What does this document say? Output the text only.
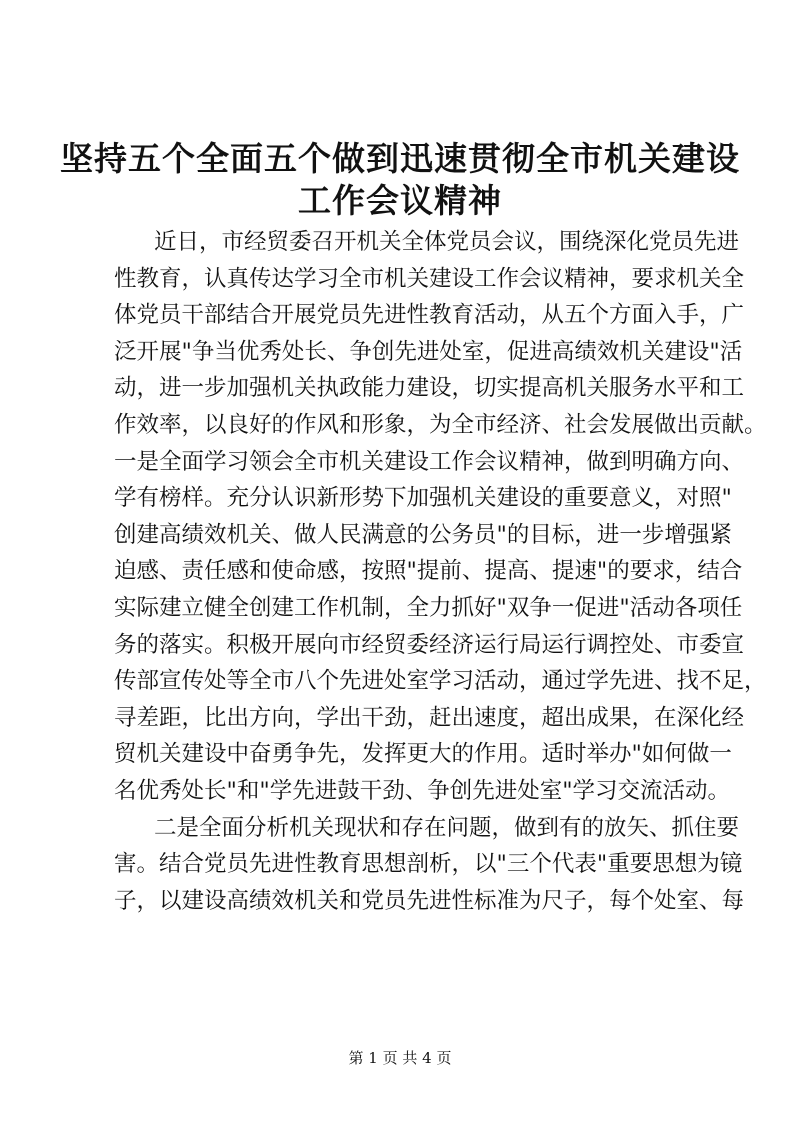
坚持五个全面五个做到迅速贯彻全市机关建设
工作会议精神
近日，市经贸委召开机关全体党员会议，围绕深化党员先进
性教育，认真传达学习全市机关建设工作会议精神，要求机关全
体党员干部结合开展党员先进性教育活动，从五个方面入手，广
泛开展"争当优秀处长、争创先进处室，促进高绩效机关建设"活
动，进一步加强机关执政能力建设，切实提高机关服务水平和工
作效率，以良好的作风和形象，为全市经济、社会发展做出贡献。
一是全面学习领会全市机关建设工作会议精神，做到明确方向、
学有榜样。充分认识新形势下加强机关建设的重要意义，对照"
创建高绩效机关、做人民满意的公务员"的目标，进一步增强紧
迫感、责任感和使命感，按照"提前、提高、提速"的要求，结合
实际建立健全创建工作机制，全力抓好"双争一促进"活动各项任
务的落实。积极开展向市经贸委经济运行局运行调控处、市委宣
传部宣传处等全市八个先进处室学习活动，通过学先进、找不足，
寻差距，比出方向，学出干劲，赶出速度，超出成果，在深化经
贸机关建设中奋勇争先，发挥更大的作用。适时举办"如何做一
名优秀处长"和"学先进鼓干劲、争创先进处室"学习交流活动。
二是全面分析机关现状和存在问题，做到有的放矢、抓住要
害。结合党员先进性教育思想剖析，以"三个代表"重要思想为镜
子，以建设高绩效机关和党员先进性标准为尺子，每个处室、每
第 1 页 共 4 页
